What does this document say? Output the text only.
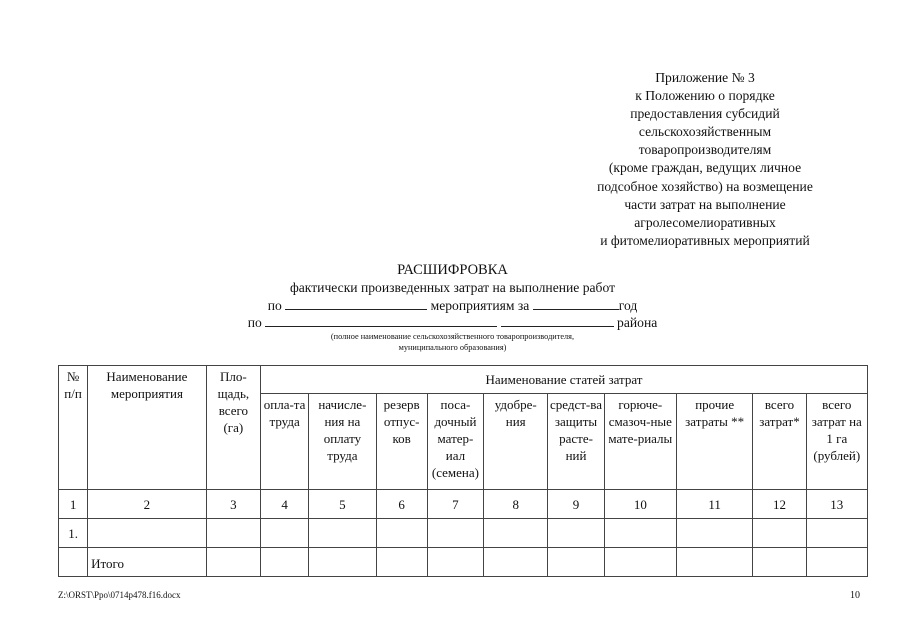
Приложение № 3
к Положению о порядке
предоставления субсидий
сельскохозяйственным
товаропроизводителям
(кроме граждан, ведущих личное
подсобное хозяйство) на возмещение
части затрат на выполнение
агролесомелиоративных
и фитомелиоративных мероприятий
РАСШИФРОВКА
фактически произведенных затрат на выполнение работ
по	мероприятиям за	год
по	района
(полное наименование сельскохозяйственного товаропроизводителя,
муниципального образования)
№ п/п	Наименование мероприятия	Пло-щадь, всего (га)	Наименование статей затрат									
			опла-та труда	начисле-ния на оплату труда	резерв отпус-ков	поса-дочный матер-иал (семена)	удобре-ния	средст-ва защиты расте-ний	горюче-смазоч-ные мате-риалы	прочие затраты **	всего затрат*	всего затрат на 1 га (рублей)
1	2	3	4	5	6	7	8	9	10	11	12	13
1.												
	Итого											
Z:\ORST\Ppo\0714p478.f16.docx	10
